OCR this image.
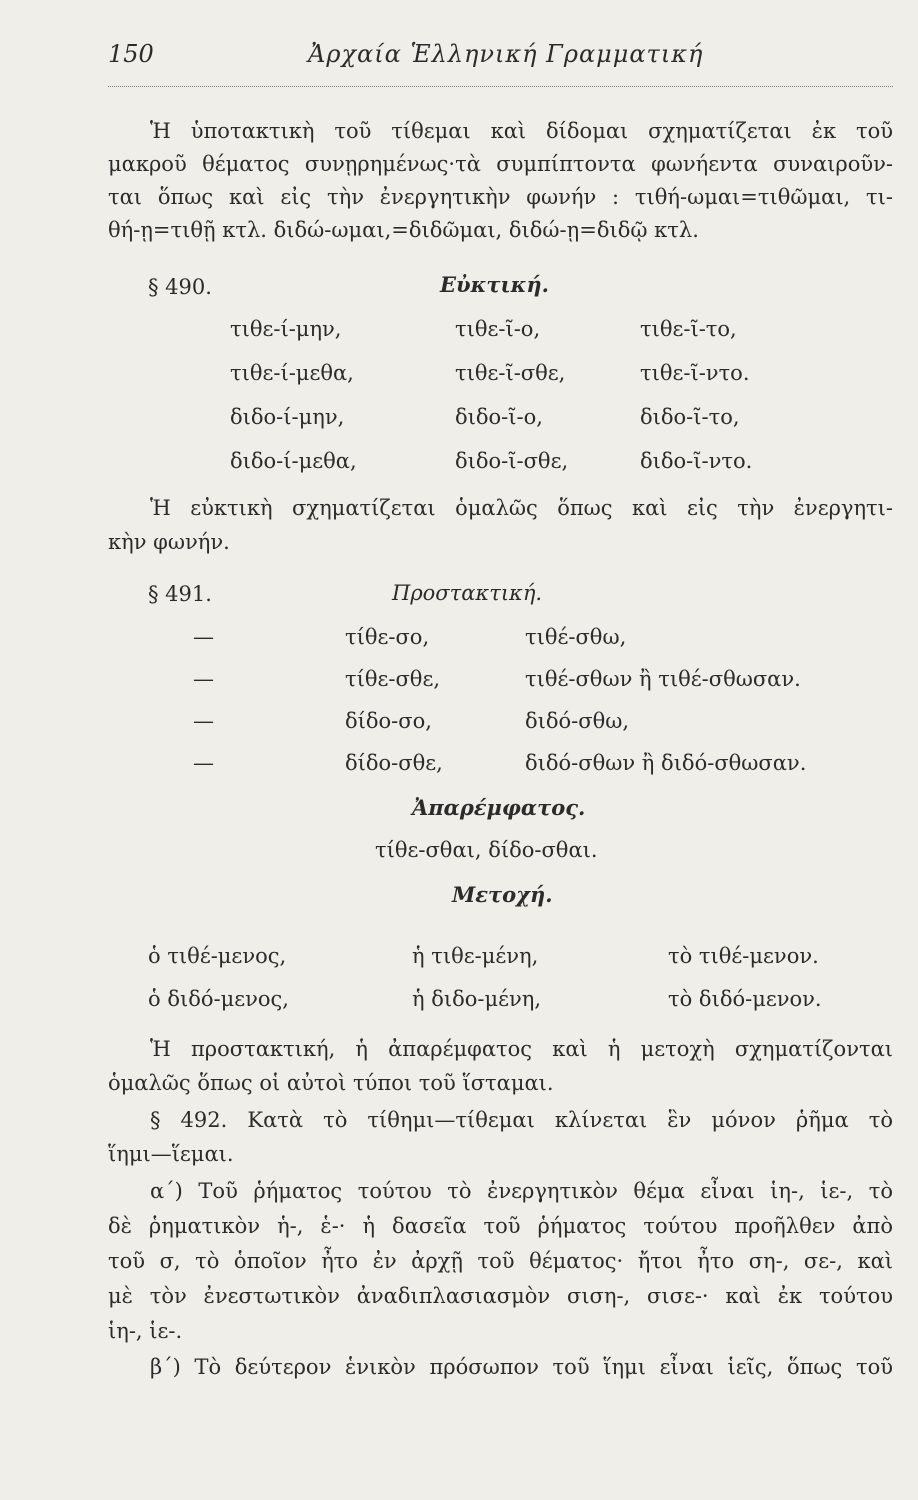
150	Ἀρχαία Ἑλληνική Γραμματική
Ἡ ὑποτακτικὴ τοῦ τίθεμαι καὶ δίδομαι σχηματίζεται ἐκ τοῦ
μακροῦ θέματος συνῃρημένως·τὰ συμπίπτοντα φωνήεντα συναιροῦν-
ται ὅπως καὶ εἰς τὴν ἐνεργητικὴν φωνήν : τιθή-ωμαι=τιθῶμαι, τι-
θή-ῃ=τιθῇ κτλ. διδώ-ωμαι,=διδῶμαι, διδώ-ῃ=διδῷ κτλ.
§ 490.	Εὐκτική.
τιθε-ί-μην,	τιθε-ῖ-ο,	τιθε-ῖ-το,
τιθε-ί-μεθα,	τιθε-ῖ-σθε,	τιθε-ῖ-ντο.
διδο-ί-μην,	διδο-ῖ-ο,	διδο-ῖ-το,
διδο-ί-μεθα,	διδο-ῖ-σθε,	διδο-ῖ-ντο.
Ἡ εὐκτικὴ σχηματίζεται ὁμαλῶς ὅπως καὶ εἰς τὴν ἐνεργητι-
κὴν φωνήν.
§ 491.	Προστακτική.
—	τίθε-σο,	τιθέ-σθω,
—	τίθε-σθε,	τιθέ-σθων ἢ τιθέ-σθωσαν.
—	δίδο-σο,	διδό-σθω,
—	δίδο-σθε,	διδό-σθων ἢ διδό-σθωσαν.
Ἀπαρέμφατος.
τίθε-σθαι, δίδο-σθαι.
Μετοχή.
ὁ τιθέ-μενος,	ἡ τιθε-μένη,	τὸ τιθέ-μενον.
ὁ διδό-μενος,	ἡ διδο-μένη,	τὸ διδό-μενον.
Ἡ προστακτική, ἡ ἀπαρέμφατος καὶ ἡ μετοχὴ σχηματίζονται
ὁμαλῶς ὅπως οἱ αὐτοὶ τύποι τοῦ ἵσταμαι.
§ 492. Κατὰ τὸ τίθημι—τίθεμαι κλίνεται ἓν μόνον ῥῆμα τὸ
ἵημι—ἵεμαι.
α΄) Τοῦ ῥήματος τούτου τὸ ἐνεργητικὸν θέμα εἶναι ἱη-, ἱε-, τὸ
δὲ ῥηματικὸν ἡ-, ἑ-· ἡ δασεῖα τοῦ ῥήματος τούτου προῆλθεν ἀπὸ
τοῦ σ, τὸ ὁποῖον ἦτο ἐν ἀρχῇ τοῦ θέματος· ἤτοι ἦτο ση-, σε-, καὶ
μὲ τὸν ἐνεστωτικὸν ἀναδιπλασιασμὸν σιση-, σισε-· καὶ ἐκ τούτου
ἱη-, ἱε-.
β΄) Τὸ δεύτερον ἑνικὸν πρόσωπον τοῦ ἵημι εἶναι ἱεῖς, ὅπως τοῦ
